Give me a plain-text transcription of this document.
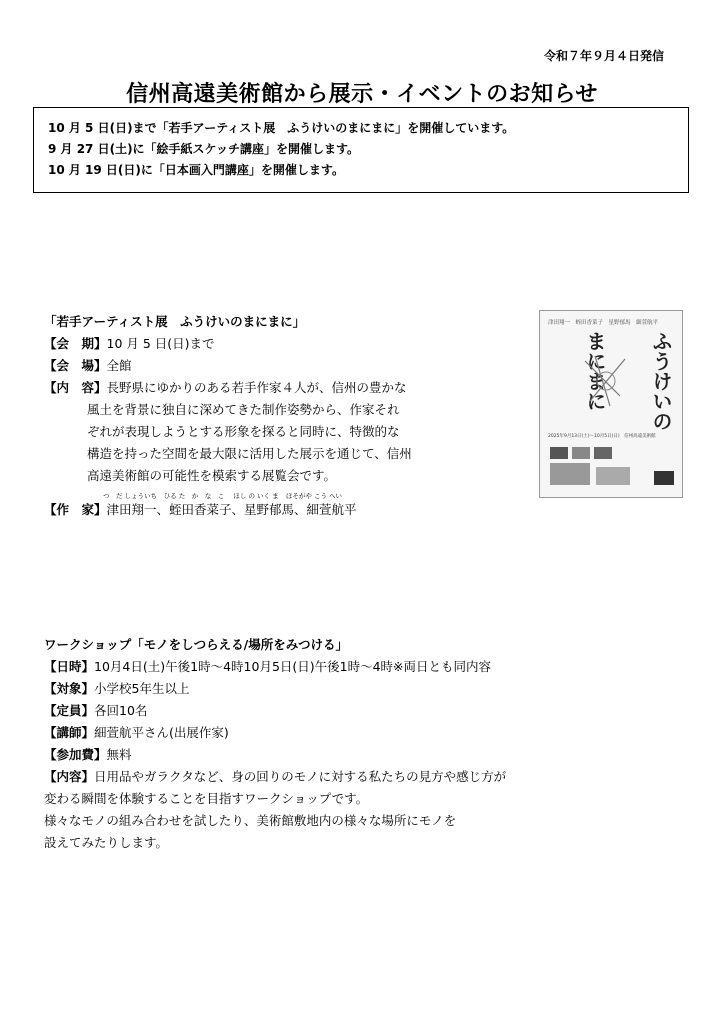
令和７年９月４日発信
信州高遠美術館から展示・イベントのお知らせ
10 月 5 日(日)まで「若手アーティスト展　ふうけいのまにまに」を開催しています。
9 月 27 日(土)に「絵手紙スケッチ講座」を開催します。
10 月 19 日(日)に「日本画入門講座」を開催します。
「若手アーティスト展　ふうけいのまにまに」
【会　期】10 月 5 日(日)まで
【会　場】全館
【内　容】長野県にゆかりのある若手作家４人が、信州の豊かな
風土を背景に独自に深めてきた制作姿勢から、作家それ
ぞれが表現しようとする形象を探ると同時に、特徴的な
構造を持った空間を最大限に活用した展示を通じて、信州
高遠美術館の可能性を模索する展覧会です。
つ　だ しょういち ひる た　か　な　こ ほし の いく ま ほそがや こう へい
【作　家】津田翔一、蛭田香菜子、星野郁馬、細萱航平
津田翔一　蛭田香菜子　星野郁馬　細萱航平
ふうけいの
まにまに
2025年9月13日(土)〜10月5日(日)　信州高遠美術館
ワークショップ「モノをしつらえる/場所をみつける」
【日時】10月4日(土)午後1時～4時10月5日(日)午後1時～4時※両日とも同内容
【対象】小学校5年生以上
【定員】各回10名
【講師】細萱航平さん(出展作家)
【参加費】無料
【内容】日用品やガラクタなど、身の回りのモノに対する私たちの見方や感じ方が
変わる瞬間を体験することを目指すワークショップです。
様々なモノの組み合わせを試したり、美術館敷地内の様々な場所にモノを
設えてみたりします。
